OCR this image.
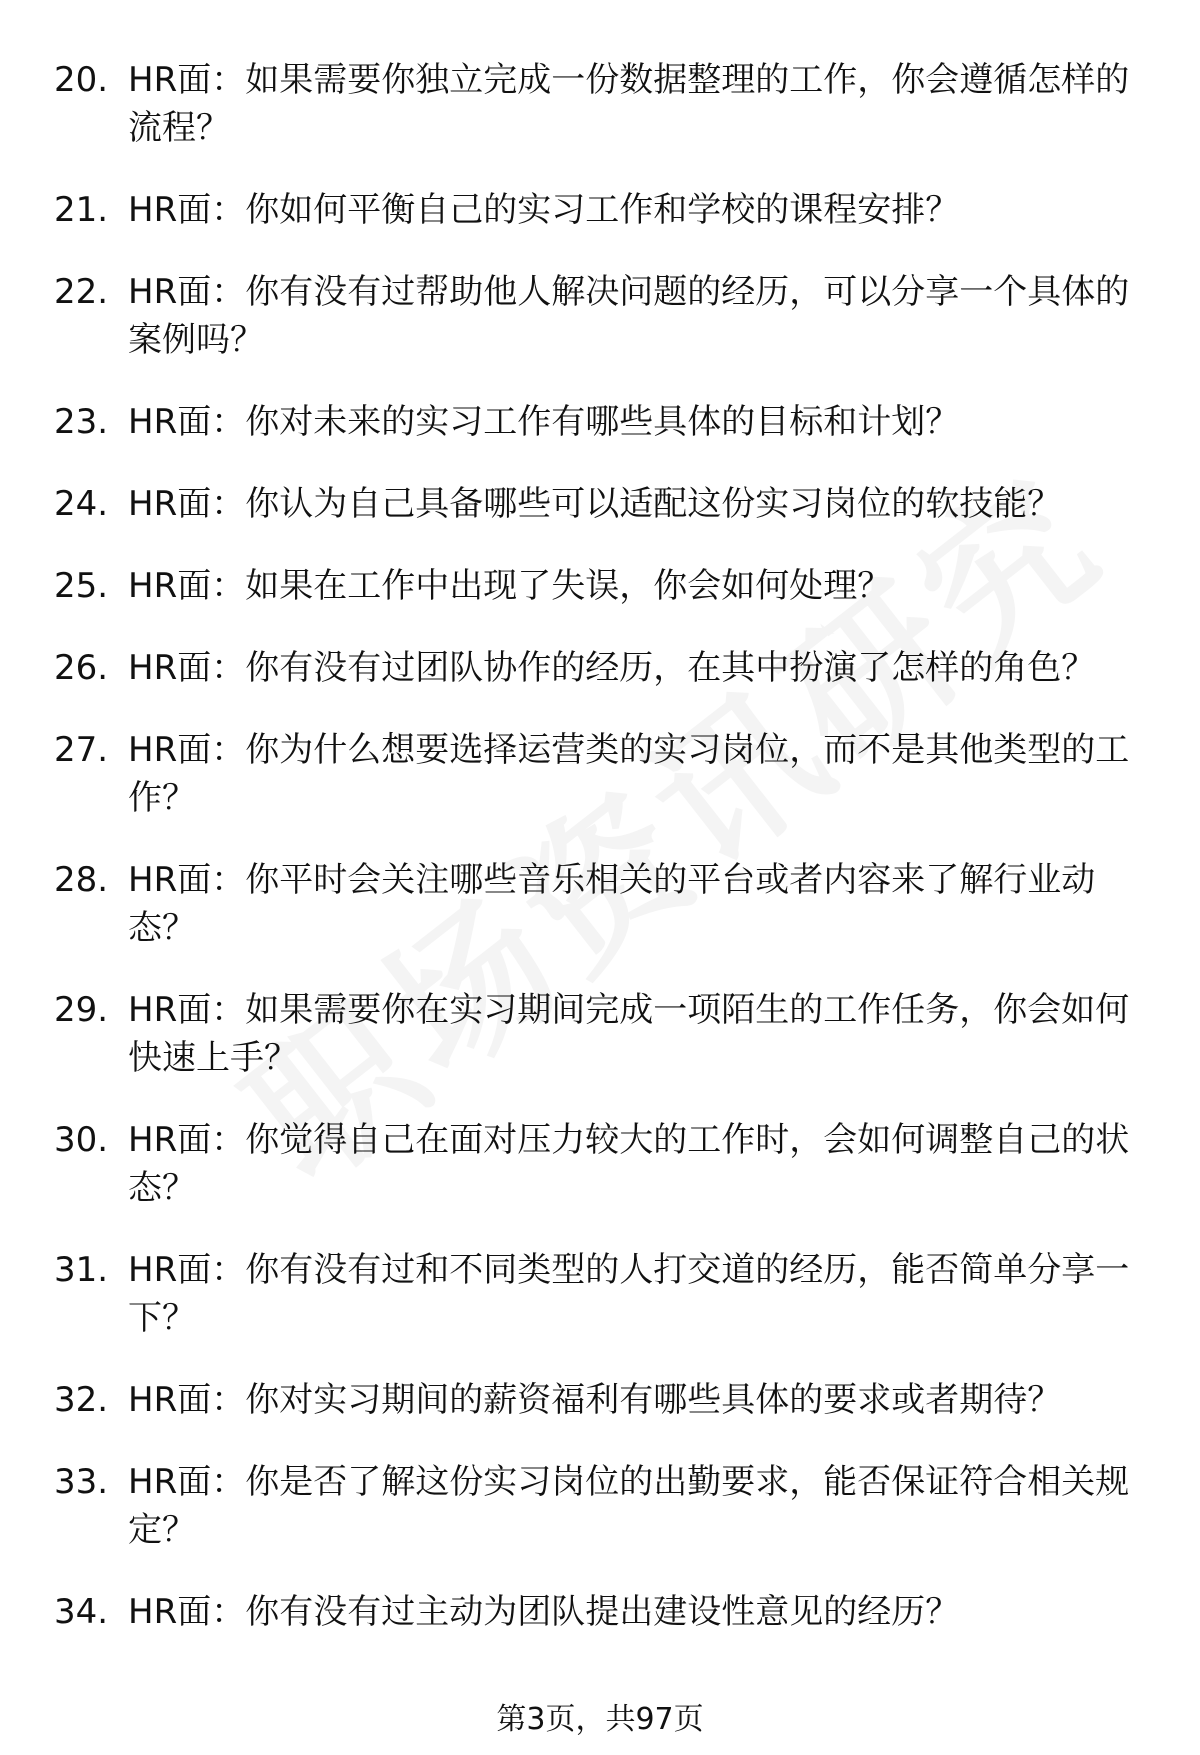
20. HR面：如果需要你独立完成一份数据整理的工作，你会遵循怎样的流程？
21. HR面：你如何平衡自己的实习工作和学校的课程安排？
22. HR面：你有没有过帮助他人解决问题的经历，可以分享一个具体的案例吗？
23. HR面：你对未来的实习工作有哪些具体的目标和计划？
24. HR面：你认为自己具备哪些可以适配这份实习岗位的软技能？
25. HR面：如果在工作中出现了失误，你会如何处理？
26. HR面：你有没有过团队协作的经历，在其中扮演了怎样的角色？
27. HR面：你为什么想要选择运营类的实习岗位，而不是其他类型的工作？
28. HR面：你平时会关注哪些音乐相关的平台或者内容来了解行业动态？
29. HR面：如果需要你在实习期间完成一项陌生的工作任务，你会如何快速上手？
30. HR面：你觉得自己在面对压力较大的工作时，会如何调整自己的状态？
31. HR面：你有没有过和不同类型的人打交道的经历，能否简单分享一下？
32. HR面：你对实习期间的薪资福利有哪些具体的要求或者期待？
33. HR面：你是否了解这份实习岗位的出勤要求，能否保证符合相关规定？
34. HR面：你有没有过主动为团队提出建设性意见的经历？
第3页，共97页
